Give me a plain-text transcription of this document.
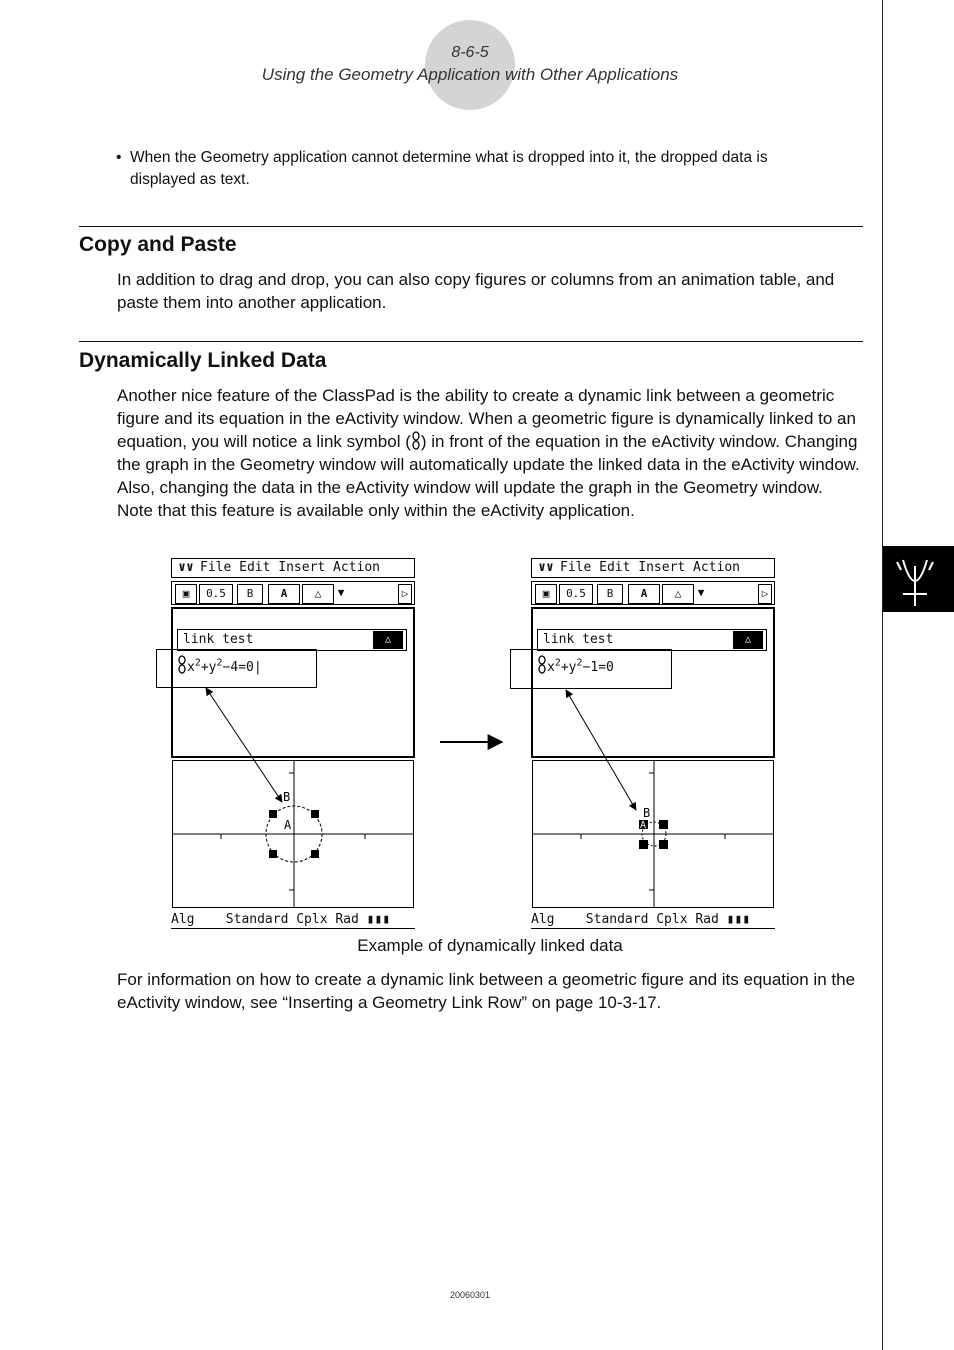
8-6-5
Using the Geometry Application with Other Applications
• When the Geometry application cannot determine what is dropped into it, the dropped data is displayed as text.
Copy and Paste
In addition to drag and drop, you can also copy figures or columns from an animation table, and paste them into another application.
Dynamically Linked Data
Another nice feature of the ClassPad is the ability to create a dynamic link between a geometric figure and its equation in the eActivity window. When a geometric figure is dynamically linked to an equation, you will notice a link symbol ( ) in front of the equation in the eActivity window. Changing the graph in the Geometry window will automatically update the linked data in the eActivity window. Also, changing the data in the eActivity window will update the graph in the Geometry window. Note that this feature is available only within the eActivity application.
∨∨ File Edit Insert Action
▣	0.5	B	A	△	▼	▷
link test	△
$x^2+y^2-4=0|$
B
A
Alg    Standard Cplx Rad ▮▮▮
∨∨ File Edit Insert Action
▣	0.5	B	A	△	▼	▷
link test	△
$x^2+y^2-1=0$
B
A
Alg    Standard Cplx Rad ▮▮▮
Example of dynamically linked data
For information on how to create a dynamic link between a geometric figure and its equation in the eActivity window, see “Inserting a Geometry Link Row” on page 10-3-17.
20060301
